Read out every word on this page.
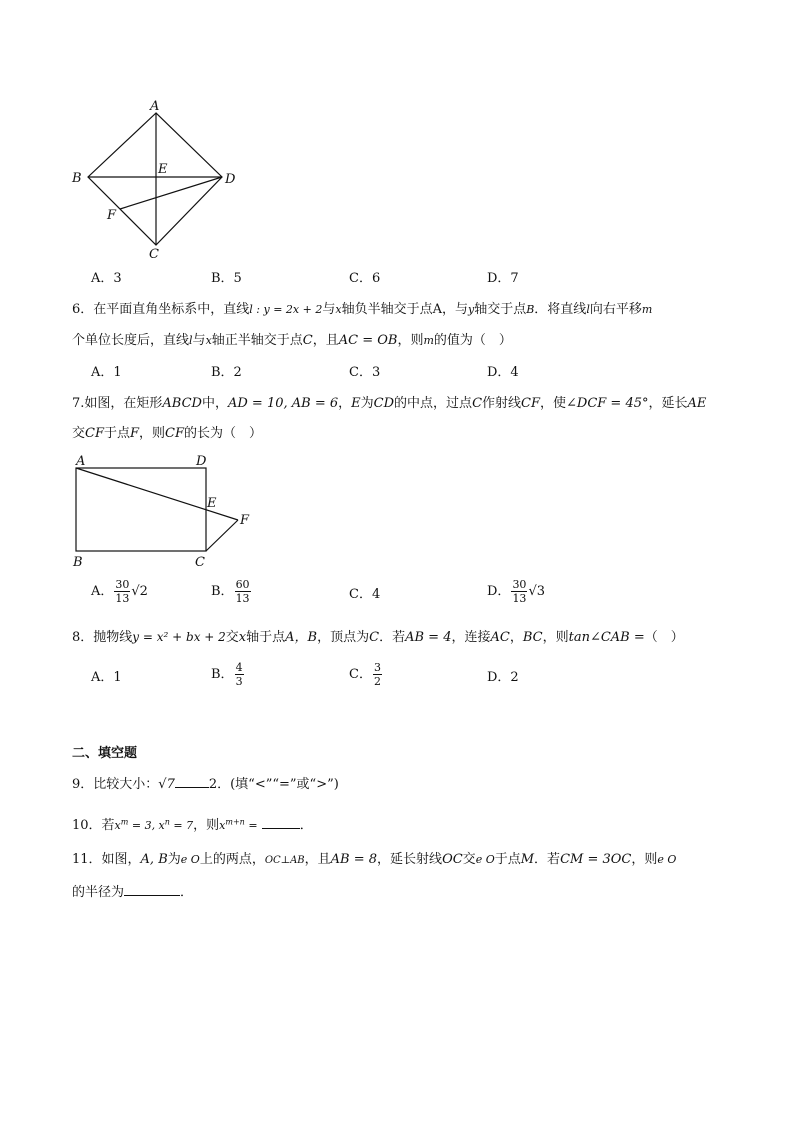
A
B
C
D
E
F
A．3	B．5	C．6	D．7
6．在平面直角坐标系中，直线l : y = 2x + 2与x轴负半轴交于点A，与y轴交于点B．将直线l向右平移m
个单位长度后，直线l与x轴正半轴交于点C，且AC = OB，则m的值为（　）
A．1	B．2	C．3	D．4
7.如图，在矩形ABCD中，AD = 10, AB = 6，E为CD的中点，过点C作射线CF，使∠DCF = 45°，延长AE
交CF于点F，则CF的长为（　）
A	D
E
F
B	C
A． $\frac{30}{13} √2$	B． $\frac{60}{13}$	C．4	D． $\frac{30}{13} √3$
8．抛物线y = x² + bx + 2交x轴于点A，B，顶点为C．若AB = 4，连接AC，BC，则tan∠CAB =（　）
A．1	B． $\frac{4}{3}$	C． $\frac{3}{2}$	D．2
二、填空题
9．比较大小：√7	2．(填“<”“=”或“>”)
10．若$x^m = 3$, $x^n = 7$，则$x^{m+n}$ =	．
11．如图，A, B为e O上的两点，OC⊥AB，且AB = 8，延长射线OC交e O于点M．若CM = 3OC，则e O
的半径为	．
